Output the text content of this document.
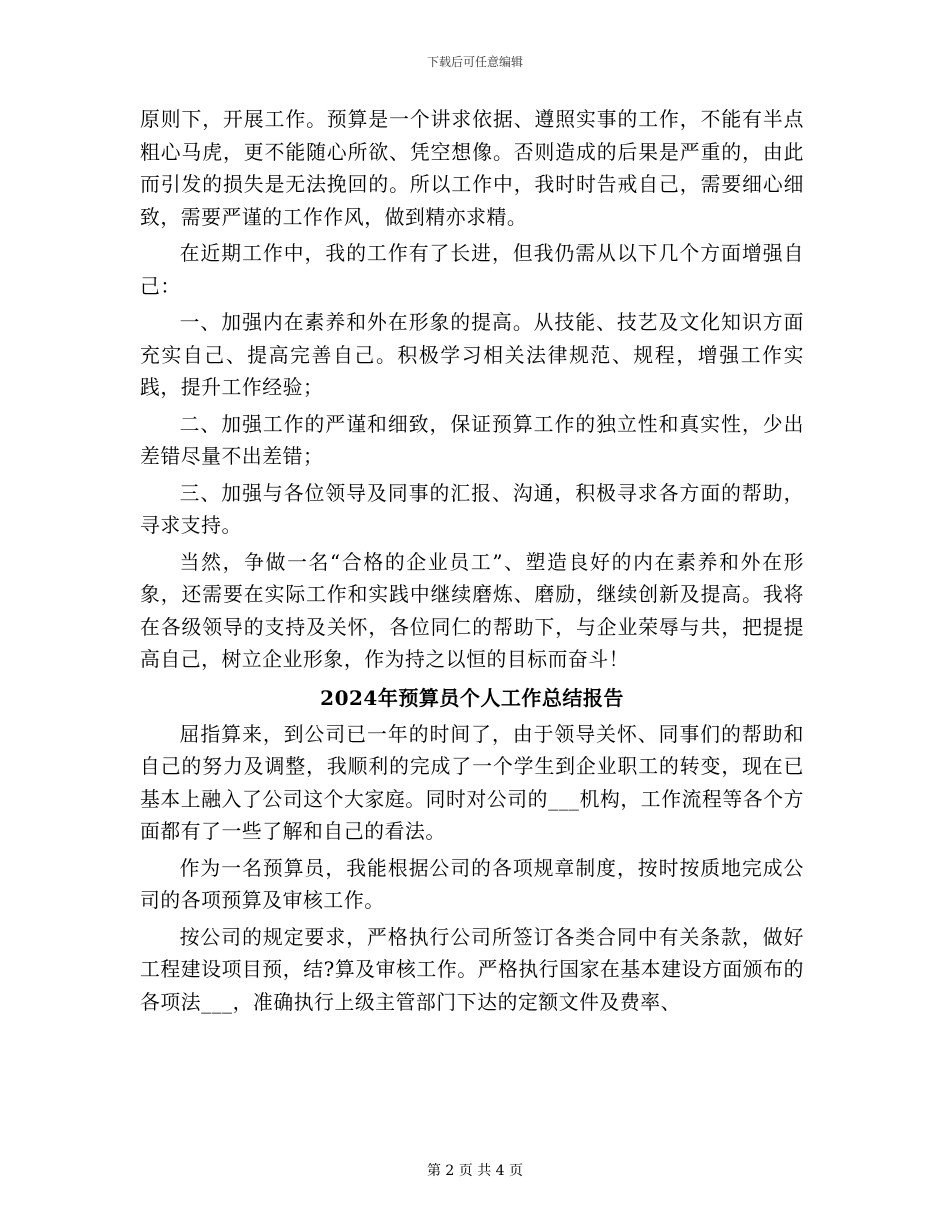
下载后可任意编辑

原则下，开展工作。预算是一个讲求依据、遵照实事的工作，不能有半点粗心马虎，更不能随心所欲、凭空想像。否则造成的后果是严重的，由此而引发的损失是无法挽回的。所以工作中，我时时告戒自己，需要细心细致，需要严谨的工作作风，做到精亦求精。

在近期工作中，我的工作有了长进，但我仍需从以下几个方面增强自己：

一、加强内在素养和外在形象的提高。从技能、技艺及文化知识方面充实自己、提高完善自己。积极学习相关法律规范、规程，增强工作实践，提升工作经验；

二、加强工作的严谨和细致，保证预算工作的独立性和真实性，少出差错尽量不出差错；

三、加强与各位领导及同事的汇报、沟通，积极寻求各方面的帮助，寻求支持。

当然，争做一名“合格的企业员工”、塑造良好的内在素养和外在形象，还需要在实际工作和实践中继续磨炼、磨励，继续创新及提高。我将在各级领导的支持及关怀，各位同仁的帮助下，与企业荣辱与共，把提提高自己，树立企业形象，作为持之以恒的目标而奋斗！

2024年预算员个人工作总结报告

屈指算来，到公司已一年的时间了，由于领导关怀、同事们的帮助和自己的努力及调整，我顺利的完成了一个学生到企业职工的转变，现在已基本上融入了公司这个大家庭。同时对公司的___机构，工作流程等各个方面都有了一些了解和自己的看法。

作为一名预算员，我能根据公司的各项规章制度，按时按质地完成公司的各项预算及审核工作。

按公司的规定要求，严格执行公司所签订各类合同中有关条款，做好工程建设项目预，结?算及审核工作。严格执行国家在基本建设方面颁布的各项法___，准确执行上级主管部门下达的定额文件及费率、

第 2 页 共 4 页
